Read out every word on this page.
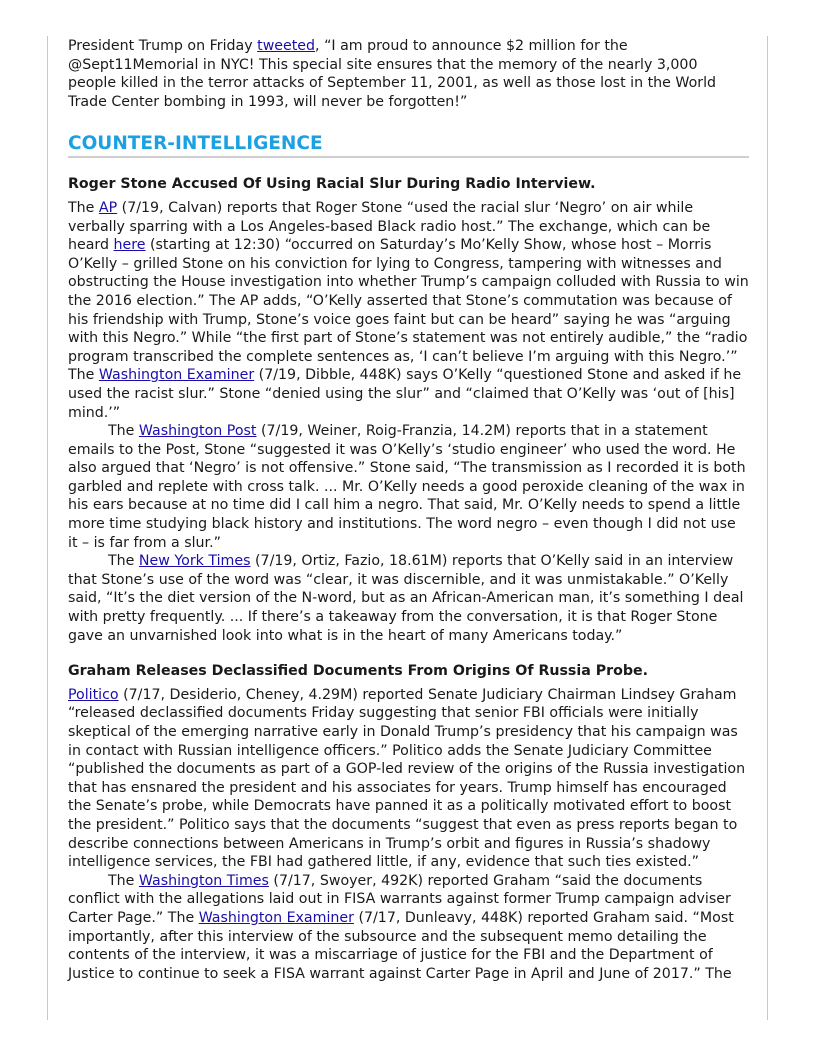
President Trump on Friday tweeted, “I am proud to announce $2 million for the @Sept11Memorial in NYC! This special site ensures that the memory of the nearly 3,000 people killed in the terror attacks of September 11, 2001, as well as those lost in the World Trade Center bombing in 1993, will never be forgotten!”

COUNTER-INTELLIGENCE
Roger Stone Accused Of Using Racial Slur During Radio Interview.

The AP (7/19, Calvan) reports that Roger Stone “used the racial slur ‘Negro’ on air while verbally sparring with a Los Angeles-based Black radio host.” The exchange, which can be heard here (starting at 12:30) “occurred on Saturday’s Mo’Kelly Show, whose host – Morris O’Kelly – grilled Stone on his conviction for lying to Congress, tampering with witnesses and obstructing the House investigation into whether Trump’s campaign colluded with Russia to win the 2016 election.” The AP adds, “O’Kelly asserted that Stone’s commutation was because of his friendship with Trump, Stone’s voice goes faint but can be heard” saying he was “arguing with this Negro.” While “the first part of Stone’s statement was not entirely audible,” the “radio program transcribed the complete sentences as, ‘I can’t believe I’m arguing with this Negro.’” The Washington Examiner (7/19, Dibble, 448K) says O’Kelly “questioned Stone and asked if he used the racist slur.” Stone “denied using the slur” and “claimed that O’Kelly was ‘out of [his] mind.’”

The Washington Post (7/19, Weiner, Roig-Franzia, 14.2M) reports that in a statement emails to the Post, Stone “suggested it was O’Kelly’s ‘studio engineer’ who used the word. He also argued that ‘Negro’ is not offensive.” Stone said, “The transmission as I recorded it is both garbled and replete with cross talk. ... Mr. O’Kelly needs a good peroxide cleaning of the wax in his ears because at no time did I call him a negro. That said, Mr. O’Kelly needs to spend a little more time studying black history and institutions. The word negro – even though I did not use it – is far from a slur.”

The New York Times (7/19, Ortiz, Fazio, 18.61M) reports that O’Kelly said in an interview that Stone’s use of the word was “clear, it was discernible, and it was unmistakable.” O’Kelly said, “It’s the diet version of the N-word, but as an African-American man, it’s something I deal with pretty frequently. ... If there’s a takeaway from the conversation, it is that Roger Stone gave an unvarnished look into what is in the heart of many Americans today.”

Graham Releases Declassified Documents From Origins Of Russia Probe.

Politico (7/17, Desiderio, Cheney, 4.29M) reported Senate Judiciary Chairman Lindsey Graham “released declassified documents Friday suggesting that senior FBI officials were initially skeptical of the emerging narrative early in Donald Trump’s presidency that his campaign was in contact with Russian intelligence officers.” Politico adds the Senate Judiciary Committee “published the documents as part of a GOP-led review of the origins of the Russia investigation that has ensnared the president and his associates for years. Trump himself has encouraged the Senate’s probe, while Democrats have panned it as a politically motivated effort to boost the president.” Politico says that the documents “suggest that even as press reports began to describe connections between Americans in Trump’s orbit and figures in Russia’s shadowy intelligence services, the FBI had gathered little, if any, evidence that such ties existed.”

The Washington Times (7/17, Swoyer, 492K) reported Graham “said the documents conflict with the allegations laid out in FISA warrants against former Trump campaign adviser Carter Page.” The Washington Examiner (7/17, Dunleavy, 448K) reported Graham said. “Most importantly, after this interview of the subsource and the subsequent memo detailing the contents of the interview, it was a miscarriage of justice for the FBI and the Department of Justice to continue to seek a FISA warrant against Carter Page in April and June of 2017.” The
